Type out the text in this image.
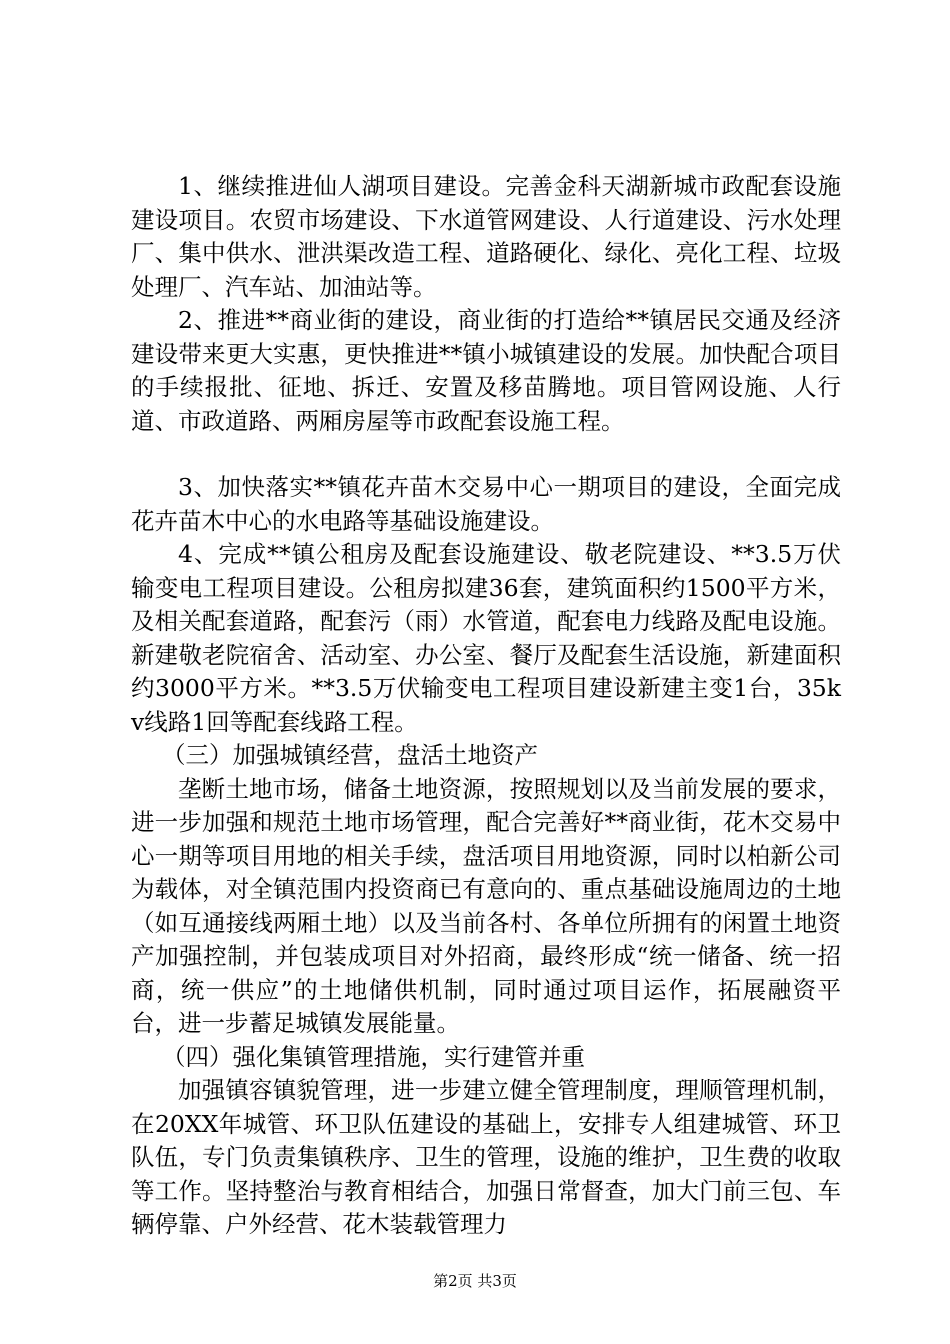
1、继续推进仙人湖项目建设。完善金科天湖新城市政配套设施建设项目。农贸市场建设、下水道管网建设、人行道建设、污水处理厂、集中供水、泄洪渠改造工程、道路硬化、绿化、亮化工程、垃圾处理厂、汽车站、加油站等。

2、推进**商业街的建设，商业街的打造给**镇居民交通及经济建设带来更大实惠，更快推进**镇小城镇建设的发展。加快配合项目的手续报批、征地、拆迁、安置及移苗腾地。项目管网设施、人行道、市政道路、两厢房屋等市政配套设施工程。

3、加快落实**镇花卉苗木交易中心一期项目的建设，全面完成花卉苗木中心的水电路等基础设施建设。

4、完成**镇公租房及配套设施建设、敬老院建设、**3.5万伏输变电工程项目建设。公租房拟建36套，建筑面积约1500平方米，及相关配套道路，配套污（雨）水管道，配套电力线路及配电设施。新建敬老院宿舍、活动室、办公室、餐厅及配套生活设施，新建面积约3000平方米。**3.5万伏输变电工程项目建设新建主变1台，35kv线路1回等配套线路工程。

（三）加强城镇经营，盘活土地资产

垄断土地市场，储备土地资源，按照规划以及当前发展的要求，进一步加强和规范土地市场管理，配合完善好**商业街，花木交易中心一期等项目用地的相关手续，盘活项目用地资源，同时以柏新公司为载体，对全镇范围内投资商已有意向的、重点基础设施周边的土地（如互通接线两厢土地）以及当前各村、各单位所拥有的闲置土地资产加强控制，并包装成项目对外招商，最终形成“统一储备、统一招商，统一供应”的土地储供机制，同时通过项目运作，拓展融资平台，进一步蓄足城镇发展能量。

（四）强化集镇管理措施，实行建管并重

加强镇容镇貌管理，进一步建立健全管理制度，理顺管理机制，在20XX年城管、环卫队伍建设的基础上，安排专人组建城管、环卫队伍，专门负责集镇秩序、卫生的管理，设施的维护，卫生费的收取等工作。坚持整治与教育相结合，加强日常督查，加大门前三包、车辆停靠、户外经营、花木装载管理力

第2页 共3页
